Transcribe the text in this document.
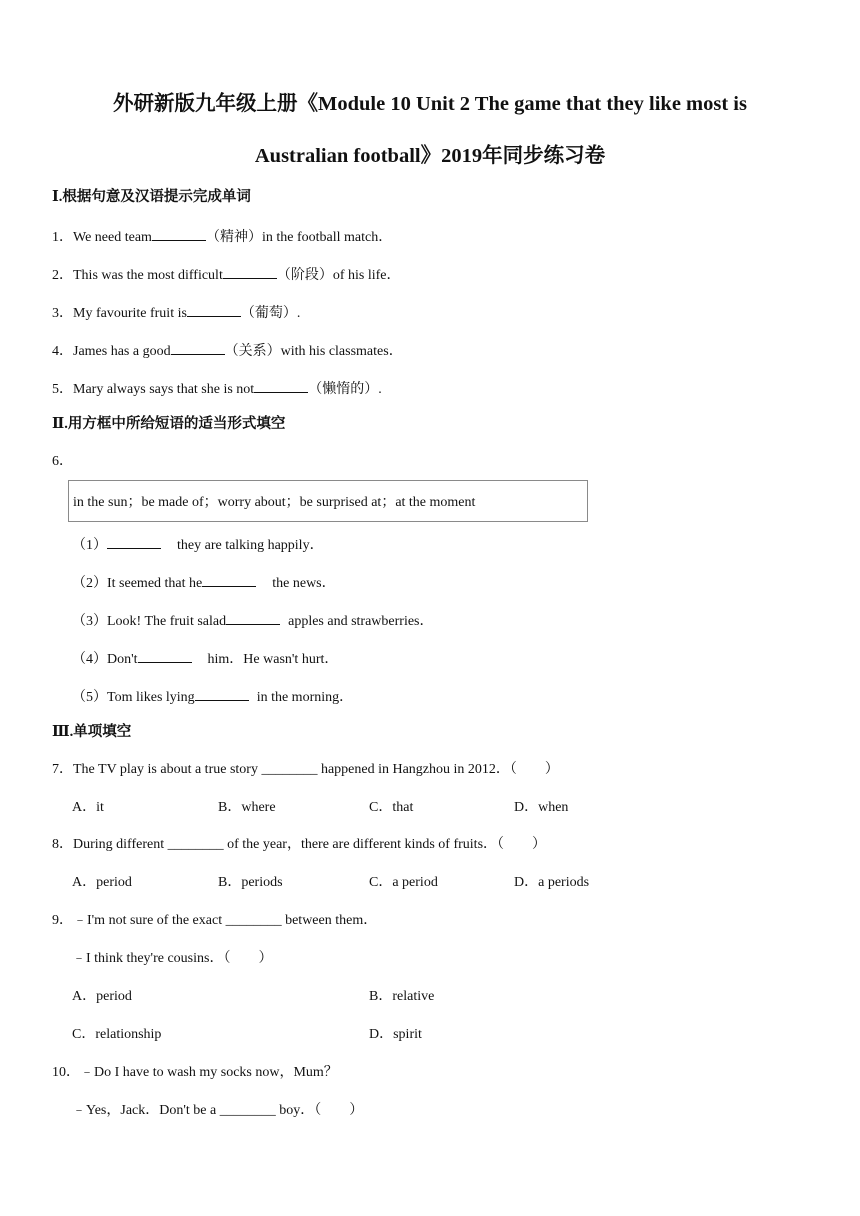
外研新版九年级上册《Module 10 Unit 2 The game that they like most is
Australian football》2019年同步练习卷
Ⅰ.根据句意及汉语提示完成单词
1．We need team	（精神）in the football match．
2．This was the most difficult	（阶段）of his life．
3．My favourite fruit is	（葡萄）.
4．James has a good	（关系）with his classmates．
5．Mary always says that she is not	（懒惰的）.
Ⅱ.用方框中所给短语的适当形式填空
6．
in the sun；be made of；worry about；be surprised at；at the moment
（1）	they are talking happily．
（2）It seemed that he	the news．
（3）Look! The fruit salad	apples and strawberries．
（4）Don't	him．He wasn't hurt．
（5）Tom likes lying	in the morning．
Ⅲ.单项填空
7．The TV play is about a true story ________ happened in Hangzhou in 2012．（　　）
A．it	B．where	C．that	D．when
8．During different ________ of the year，there are different kinds of fruits．（　　）
A．period	B．periods	C．a period	D．a periods
9．﹣I'm not sure of the exact ________ between them．
﹣I think they're cousins．（　　）
A．period	B．relative
C．relationship	D．spirit
10．﹣Do I have to wash my socks now，Mum？
﹣Yes，Jack．Don't be a ________ boy．（　　）
